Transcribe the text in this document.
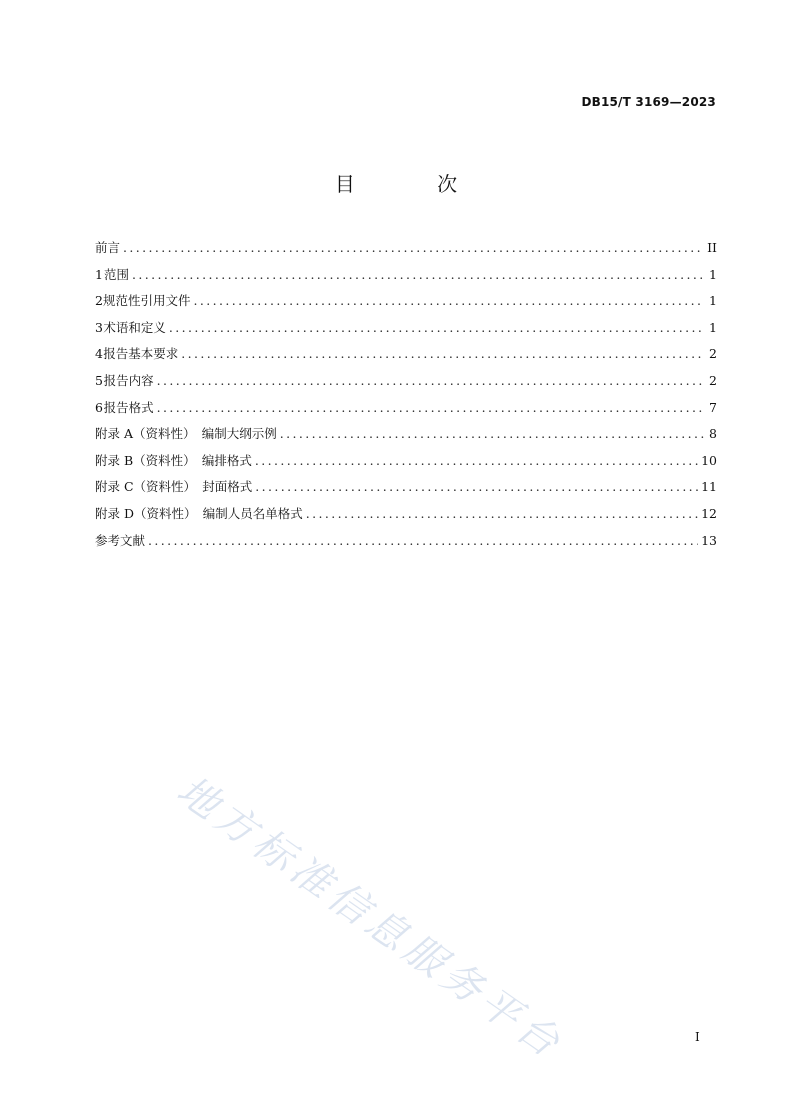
DB15/T 3169—2023
目 次
前言 .....	II
1 范围 .....	1
2 规范性引用文件 .....	1
3 术语和定义 .....	1
4 报告基本要求 .....	2
5 报告内容 .....	2
6 报告格式 .....	7
附录 A（资料性）　编制大纲示例 .....	8
附录 B（资料性）　编排格式 .....	10
附录 C（资料性）　封面格式 .....	11
附录 D（资料性）　编制人员名单格式 .....	12
参考文献 .....	13
地方标准信息服务平台	I
